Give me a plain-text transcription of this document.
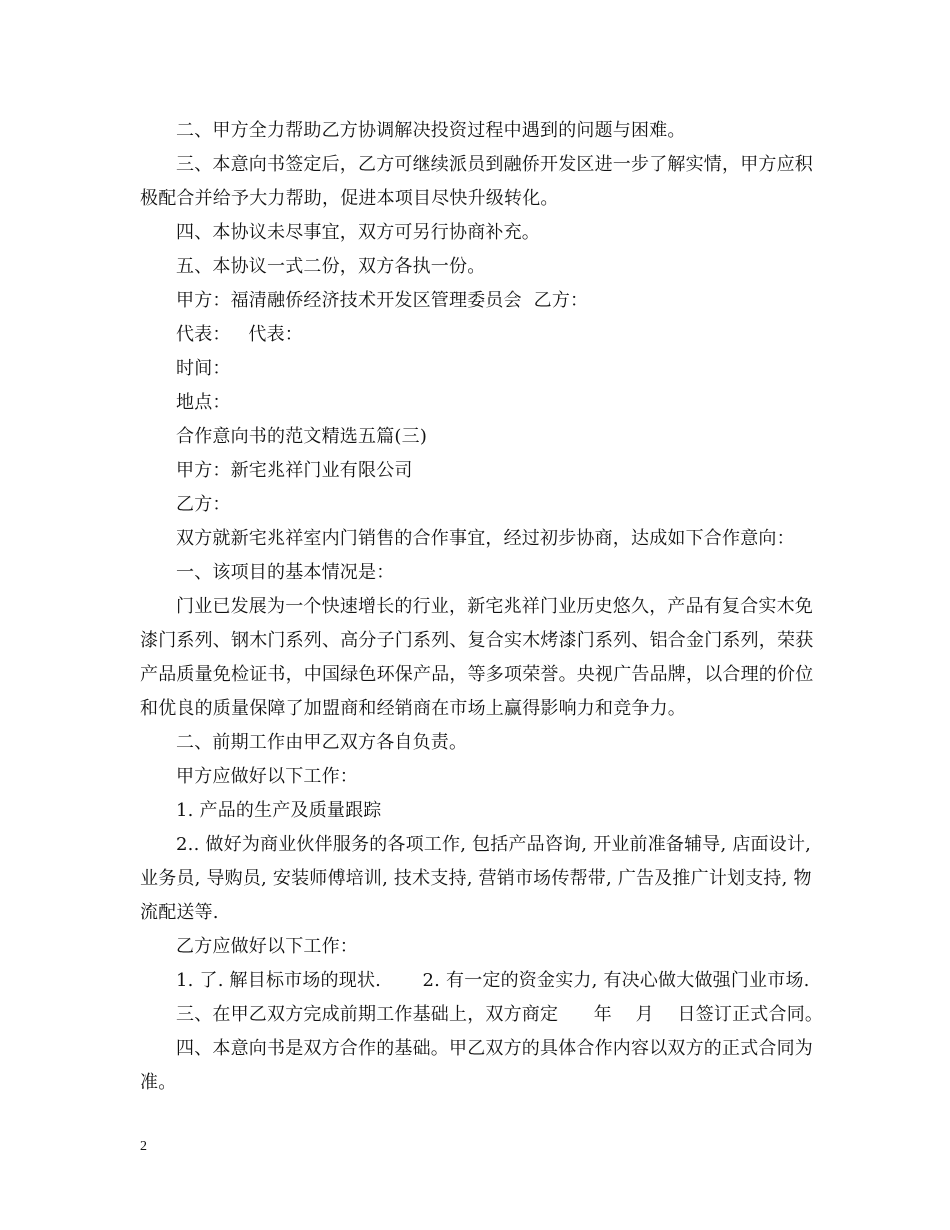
二、甲方全力帮助乙方协调解决投资过程中遇到的问题与困难。

三、本意向书签定后，乙方可继续派员到融侨开发区进一步了解实情，甲方应积极配合并给予大力帮助，促进本项目尽快升级转化。

四、本协议未尽事宜，双方可另行协商补充。

五、本协议一式二份，双方各执一份。

甲方：福清融侨经济技术开发区管理委员会  乙方：

代表：   代表：

时间：

地点：

合作意向书的范文精选五篇(三)

甲方：新宅兆祥门业有限公司

乙方：

双方就新宅兆祥室内门销售的合作事宜，经过初步协商，达成如下合作意向：

一、该项目的基本情况是：

门业已发展为一个快速增长的行业，新宅兆祥门业历史悠久，产品有复合实木免漆门系列、钢木门系列、高分子门系列、复合实木烤漆门系列、铝合金门系列，荣获产品质量免检证书，中国绿色环保产品，等多项荣誉。央视广告品牌，以合理的价位和优良的质量保障了加盟商和经销商在市场上赢得影响力和竞争力。

二、前期工作由甲乙双方各自负责。

甲方应做好以下工作：

1. 产品的生产及质量跟踪

2.. 做好为商业伙伴服务的各项工作, 包括产品咨询, 开业前准备辅导, 店面设计, 业务员, 导购员, 安装师傅培训, 技术支持, 营销市场传帮带, 广告及推广计划支持, 物流配送等.

乙方应做好以下工作：

1. 了. 解目标市场的现状.       2. 有一定的资金实力, 有决心做大做强门业市场.

三、在甲乙双方完成前期工作基础上，双方商定      年    月    日签订正式合同。

四、本意向书是双方合作的基础。甲乙双方的具体合作内容以双方的正式合同为准。

2
